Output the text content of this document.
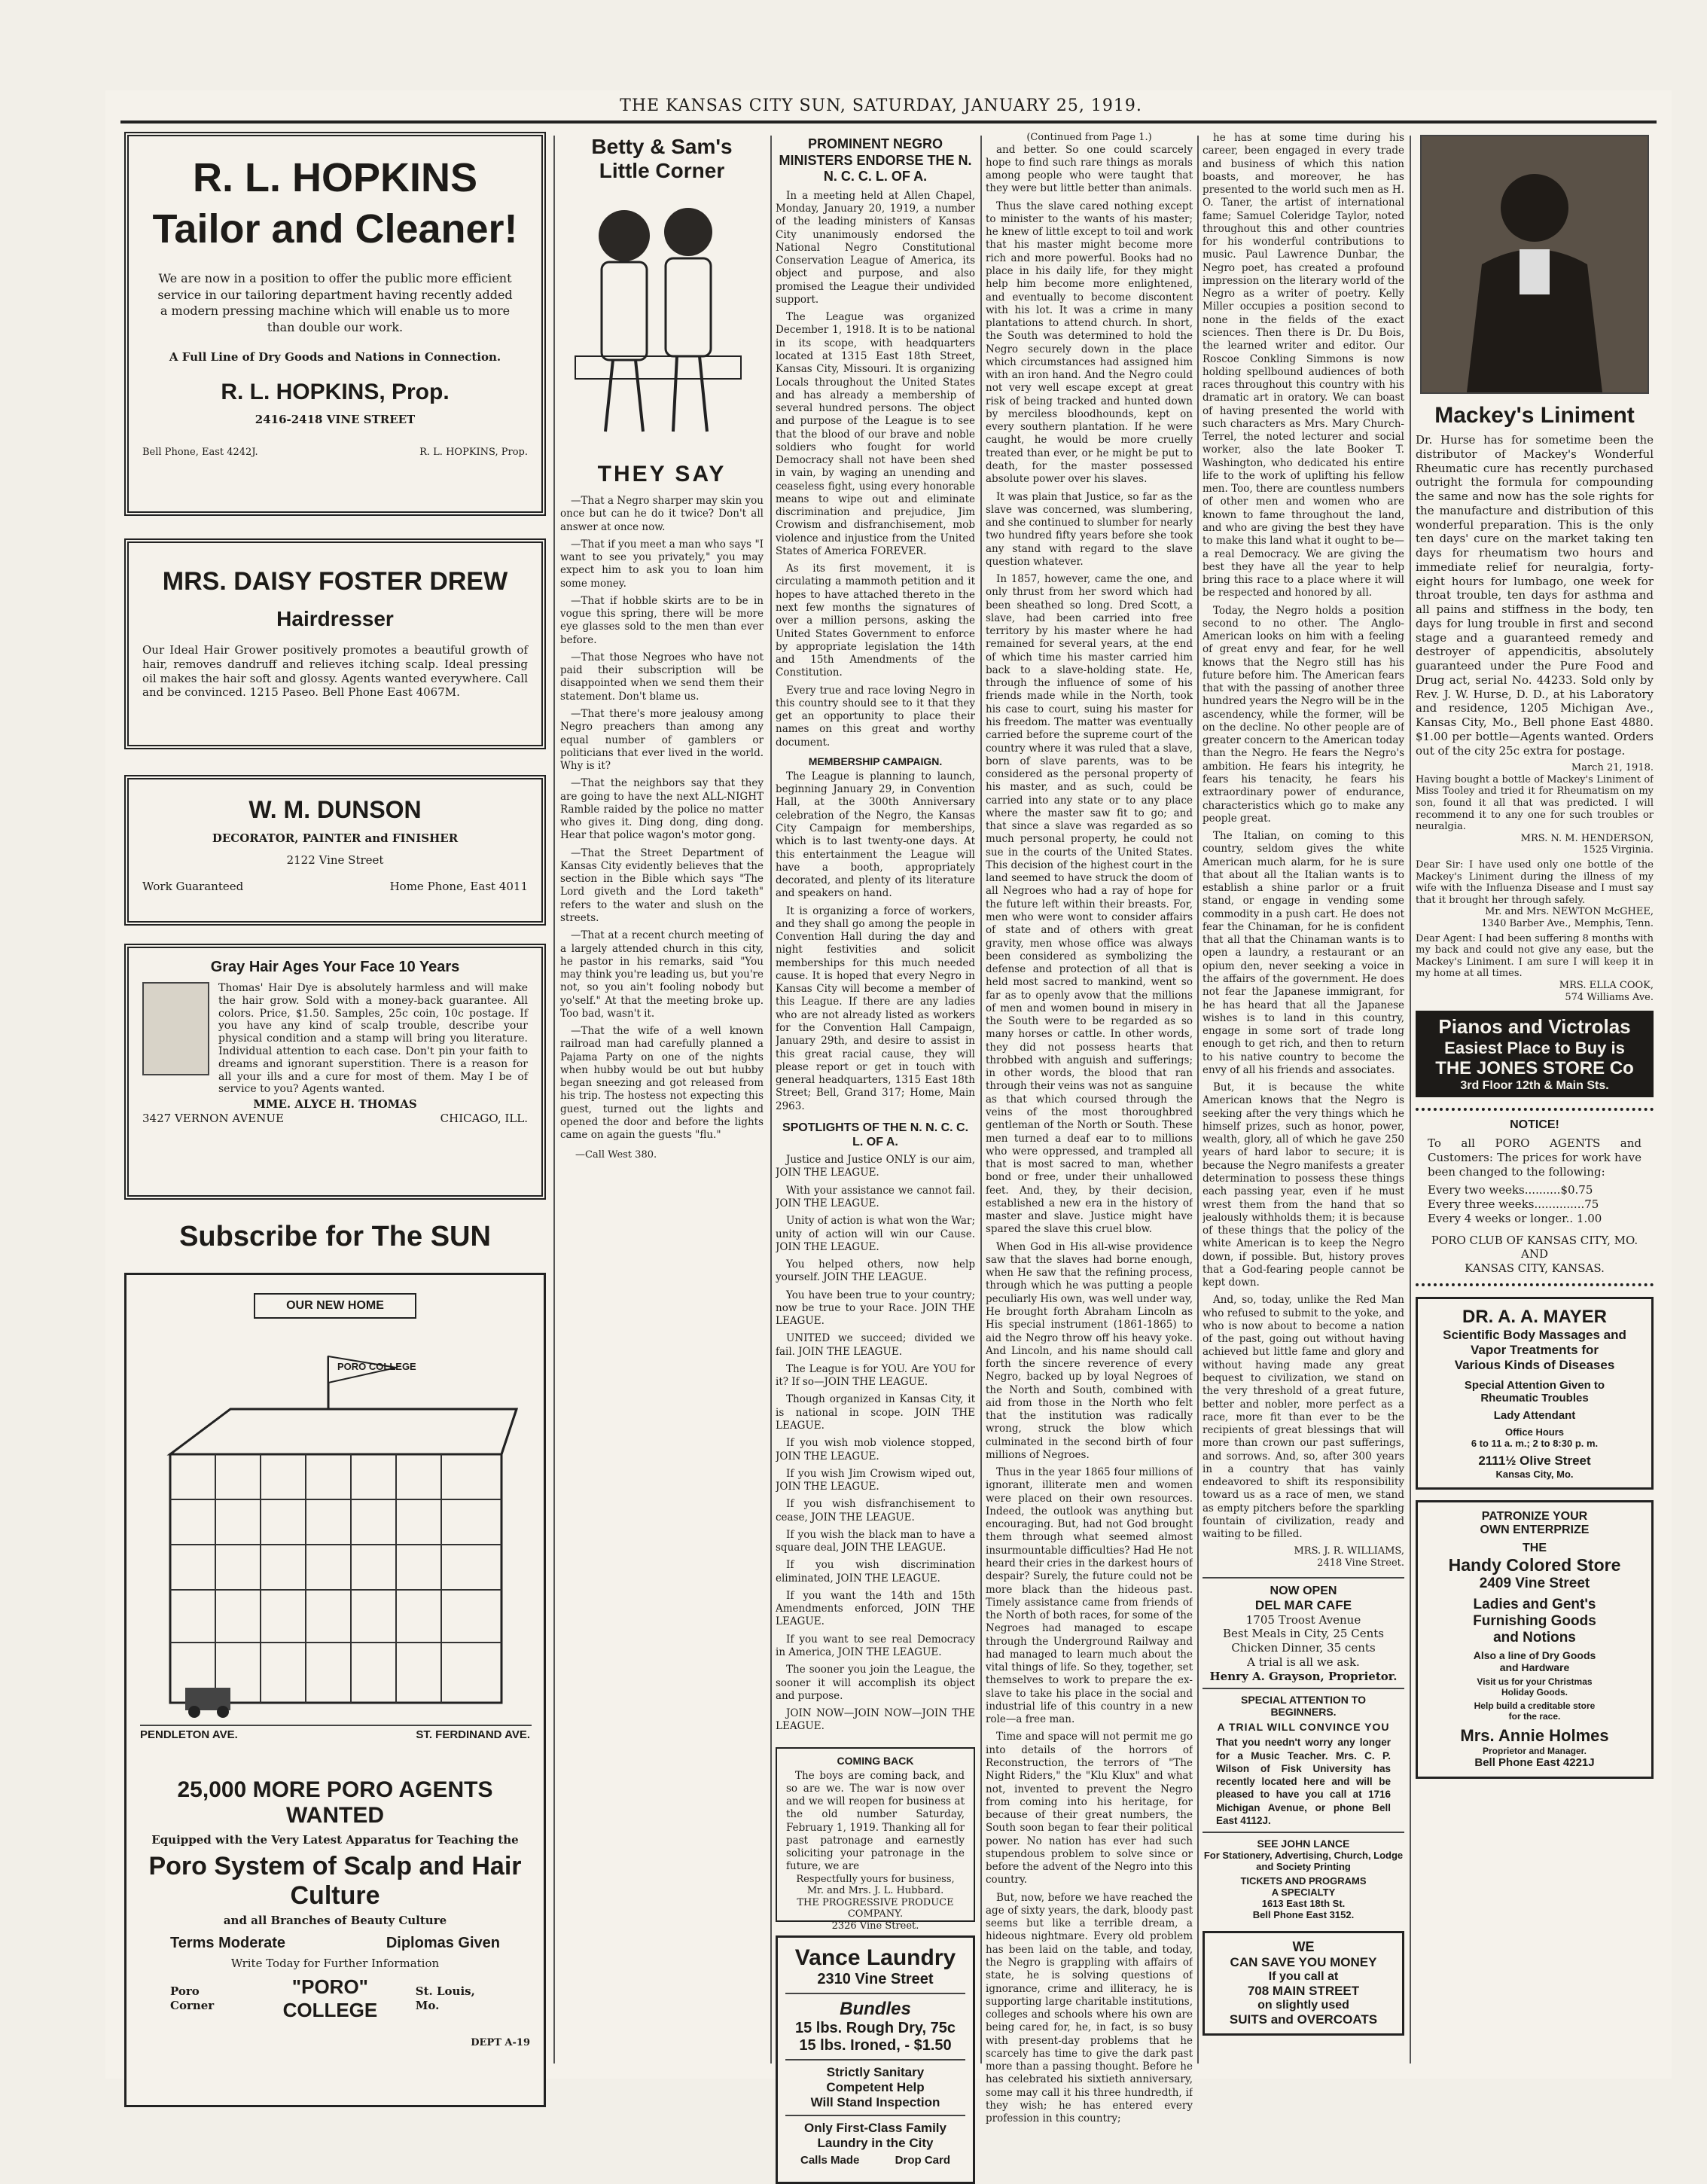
THE KANSAS CITY SUN, SATURDAY, JANUARY 25, 1919.
R. L. HOPKINS
Tailor and Cleaner!
We are now in a position to offer the public more efficient service in our tailoring department having recently added a modern pressing machine which will enable us to more than double our work.
A Full Line of Dry Goods and Nations in Connection.
R. L. HOPKINS, Prop.
2416-2418 VINE STREET
Bell Phone, East 4242J.	R. L. HOPKINS, Prop.
MRS. DAISY FOSTER DREW
Hairdresser
Our Ideal Hair Grower positively promotes a beautiful growth of hair, removes dandruff and relieves itching scalp. Ideal pressing oil makes the hair soft and glossy. Agents wanted everywhere. Call and be convinced. 1215 Paseo. Bell Phone East 4067M.
W. M. DUNSON
DECORATOR, PAINTER and FINISHER
2122 Vine Street
Work Guaranteed	Home Phone, East 4011
Gray Hair Ages Your Face 10 Years
Thomas' Hair Dye is absolutely harmless and will make the hair grow. Sold with a money-back guarantee. All colors. Price, $1.50. Samples, 25c coin, 10c postage. If you have any kind of scalp trouble, describe your physical condition and a stamp will bring you literature. Individual attention to each case. Don't pin your faith to dreams and ignorant superstition. There is a reason for all your ills and a cure for most of them. May I be of service to you? Agents wanted.
MME. ALYCE H. THOMAS
3427 VERNON AVENUE	CHICAGO, ILL.
Subscribe for The SUN
OUR NEW HOME
PORO COLLEGE
PENDLETON AVE.	ST. FERDINAND AVE.
25,000 MORE PORO AGENTS WANTED
Equipped with the Very Latest Apparatus for Teaching the
Poro System of Scalp and Hair Culture
and all Branches of Beauty Culture
Terms Moderate	Diplomas Given
Write Today for Further Information
Poro Corner
"PORO" COLLEGE
St. Louis, Mo.
DEPT A-19
Betty & Sam's
Little Corner
THEY SAY

—That a Negro sharper may skin you once but can he do it twice? Don't all answer at once now.

—That if you meet a man who says "I want to see you privately," you may expect him to ask you to loan him some money.

—That if hobble skirts are to be in vogue this spring, there will be more eye glasses sold to the men than ever before.

—That those Negroes who have not paid their subscription will be disappointed when we send them their statement. Don't blame us.

—That there's more jealousy among Negro preachers than among any equal number of gamblers or politicians that ever lived in the world. Why is it?

—That the neighbors say that they are going to have the next ALL-NIGHT Ramble raided by the police no matter who gives it. Ding dong, ding dong. Hear that police wagon's motor gong.

—That the Street Department of Kansas City evidently believes that the section in the Bible which says "The Lord giveth and the Lord taketh" refers to the water and slush on the streets.

—That at a recent church meeting of a largely attended church in this city, he pastor in his remarks, said "You may think you're leading us, but you're not, so you ain't fooling nobody but yo'self." At that the meeting broke up. Too bad, wasn't it.

—That the wife of a well known railroad man had carefully planned a Pajama Party on one of the nights when hubby would be out but hubby began sneezing and got released from his trip. The hostess not expecting this guest, turned out the lights and opened the door and before the lights came on again the guests "flu."

—Call West 380.
PROMINENT NEGRO MINISTERS ENDORSE THE N. N. C. C. L. OF A.

In a meeting held at Allen Chapel, Monday, January 20, 1919, a number of the leading ministers of Kansas City unanimously endorsed the National Negro Constitutional Conservation League of America, its object and purpose, and also promised the League their undivided support.

The League was organized December 1, 1918. It is to be national in its scope, with headquarters located at 1315 East 18th Street, Kansas City, Missouri. It is organizing Locals throughout the United States and has already a membership of several hundred persons. The object and purpose of the League is to see that the blood of our brave and noble soldiers who fought for world Democracy shall not have been shed in vain, by waging an unending and ceaseless fight, using every honorable means to wipe out and eliminate discrimination and prejudice, Jim Crowism and disfranchisement, mob violence and injustice from the United States of America FOREVER.

As its first movement, it is circulating a mammoth petition and it hopes to have attached thereto in the next few months the signatures of over a million persons, asking the United States Government to enforce by appropriate legislation the 14th and 15th Amendments of the Constitution.

Every true and race loving Negro in this country should see to it that they get an opportunity to place their names on this great and worthy document.

MEMBERSHIP CAMPAIGN.

The League is planning to launch, beginning January 29, in Convention Hall, at the 300th Anniversary celebration of the Negro, the Kansas City Campaign for memberships, which is to last twenty-one days. At this entertainment the League will have a booth, appropriately decorated, and plenty of its literature and speakers on hand.

It is organizing a force of workers, and they shall go among the people in Convention Hall during the day and night festivities and solicit memberships for this much needed cause. It is hoped that every Negro in Kansas City will become a member of this League. If there are any ladies who are not already listed as workers for the Convention Hall Campaign, January 29th, and desire to assist in this great racial cause, they will please report or get in touch with general headquarters, 1315 East 18th Street; Bell, Grand 317; Home, Main 2963.

SPOTLIGHTS OF THE N. N. C. C. L. OF A.

Justice and Justice ONLY is our aim, JOIN THE LEAGUE.

With your assistance we cannot fail. JOIN THE LEAGUE.

Unity of action is what won the War; unity of action will win our Cause. JOIN THE LEAGUE.

You helped others, now help yourself. JOIN THE LEAGUE.

You have been true to your country; now be true to your Race. JOIN THE LEAGUE.

UNITED we succeed; divided we fail. JOIN THE LEAGUE.

The League is for YOU. Are YOU for it? If so—JOIN THE LEAGUE.

Though organized in Kansas City, it is national in scope. JOIN THE LEAGUE.

If you wish mob violence stopped, JOIN THE LEAGUE.

If you wish Jim Crowism wiped out, JOIN THE LEAGUE.

If you wish disfranchisement to cease, JOIN THE LEAGUE.

If you wish the black man to have a square deal, JOIN THE LEAGUE.

If you wish discrimination eliminated, JOIN THE LEAGUE.

If you want the 14th and 15th Amendments enforced, JOIN THE LEAGUE.

If you want to see real Democracy in America, JOIN THE LEAGUE.

The sooner you join the League, the sooner it will accomplish its object and purpose.

JOIN NOW—JOIN NOW—JOIN THE LEAGUE.

COMING BACK
The boys are coming back, and so are we. The war is now over and we will reopen for business at the old number Saturday, February 1, 1919. Thanking all for past patronage and earnestly soliciting your patronage in the future, we are
Respectfully yours for business,
Mr. and Mrs. J. L. Hubbard.
THE PROGRESSIVE PRODUCE COMPANY.
2326 Vine Street.
Vance Laundry
2310 Vine Street
Bundles
15 lbs. Rough Dry, 75c
15 lbs. Ironed, - $1.50
Strictly Sanitary
Competent Help
Will Stand Inspection
Only First-Class Family
Laundry in the City
Calls Made	Drop Card
(Continued from Page 1.)

and better. So one could scarcely hope to find such rare things as morals among people who were taught that they were but little better than animals.

Thus the slave cared nothing except to minister to the wants of his master; he knew of little except to toil and work that his master might become more rich and more powerful. Books had no place in his daily life, for they might help him become more enlightened, and eventually to become discontent with his lot. It was a crime in many plantations to attend church. In short, the South was determined to hold the Negro securely down in the place which circumstances had assigned him with an iron hand. And the Negro could not very well escape except at great risk of being tracked and hunted down by merciless bloodhounds, kept on every southern plantation. If he were caught, he would be more cruelly treated than ever, or he might be put to death, for the master possessed absolute power over his slaves.

It was plain that Justice, so far as the slave was concerned, was slumbering, and she continued to slumber for nearly two hundred fifty years before she took any stand with regard to the slave question whatever.

In 1857, however, came the one, and only thrust from her sword which had been sheathed so long. Dred Scott, a slave, had been carried into free territory by his master where he had remained for several years, at the end of which time his master carried him back to a slave-holding state. He, through the influence of some of his friends made while in the North, took his case to court, suing his master for his freedom. The matter was eventually carried before the supreme court of the country where it was ruled that a slave, born of slave parents, was to be considered as the personal property of his master, and as such, could be carried into any state or to any place where the master saw fit to go; and that since a slave was regarded as so much personal property, he could not sue in the courts of the United States. This decision of the highest court in the land seemed to have struck the doom of all Negroes who had a ray of hope for the future left within their breasts. For, men who were wont to consider affairs of state and of others with great gravity, men whose office was always been considered as symbolizing the defense and protection of all that is held most sacred to mankind, went so far as to openly avow that the millions of men and women bound in misery in the South were to be regarded as so many horses or cattle. In other words, they did not possess hearts that throbbed with anguish and sufferings; in other words, the blood that ran through their veins was not as sanguine as that which coursed through the veins of the most thoroughbred gentleman of the North or South. These men turned a deaf ear to to millions who were oppressed, and trampled all that is most sacred to man, whether bond or free, under their unhallowed feet. And, they, by their decision, established a new era in the history of master and slave. Justice might have spared the slave this cruel blow.

When God in His all-wise providence saw that the slaves had borne enough, when He saw that the refining process, through which he was putting a people peculiarly His own, was well under way, He brought forth Abraham Lincoln as His special instrument (1861-1865) to aid the Negro throw off his heavy yoke. And Lincoln, and his name should call forth the sincere reverence of every Negro, backed up by loyal Negroes of the North and South, combined with aid from those in the North who felt that the institution was radically wrong, struck the blow which culminated in the second birth of four millions of Negroes.

Thus in the year 1865 four millions of ignorant, illiterate men and women were placed on their own resources. Indeed, the outlook was anything but encouraging. But, had not God brought them through what seemed almost insurmountable difficulties? Had He not heard their cries in the darkest hours of despair? Surely, the future could not be more black than the hideous past. Timely assistance came from friends of the North of both races, for some of the Negroes had managed to escape through the Underground Railway and had managed to learn much about the vital things of life. So they, together, set themselves to work to prepare the ex-slave to take his place in the social and industrial life of this country in a new role—a free man.

Time and space will not permit me go into details of the horrors of Reconstruction, the terrors of "The Night Riders," the "Klu Klux" and what not, invented to prevent the Negro from coming into his heritage, for because of their great numbers, the South soon began to fear their political power. No nation has ever had such stupendous problem to solve since or before the advent of the Negro into this country.

But, now, before we have reached the age of sixty years, the dark, bloody past seems but like a terrible dream, a hideous nightmare. Every old problem has been laid on the table, and today, the Negro is grappling with affairs of state, he is solving questions of ignorance, crime and illiteracy, he is supporting large charitable institutions, colleges and schools where his own are being cared for, he, in fact, is so busy with present-day problems that he scarcely has time to give the dark past more than a passing thought. Before he has celebrated his sixtieth anniversary, some may call it his three hundredth, if they wish; he has entered every profession in this country;

he has at some time during his career, been engaged in every trade and business of which this nation boasts, and moreover, he has presented to the world such men as H. O. Taner, the artist of international fame; Samuel Coleridge Taylor, noted throughout this and other countries for his wonderful contributions to music. Paul Lawrence Dunbar, the Negro poet, has created a profound impression on the literary world of the Negro as a writer of poetry. Kelly Miller occupies a position second to none in the fields of the exact sciences. Then there is Dr. Du Bois, the learned writer and editor. Our Roscoe Conkling Simmons is now holding spellbound audiences of both races throughout this country with his dramatic art in oratory. We can boast of having presented the world with such characters as Mrs. Mary Church-Terrel, the noted lecturer and social worker, also the late Booker T. Washington, who dedicated his entire life to the work of uplifting his fellow men. Too, there are countless numbers of other men and women who are known to fame throughout the land, and who are giving the best they have to make this land what it ought to be—a real Democracy. We are giving the best they have all the year to help bring this race to a place where it will be respected and honored by all.

Today, the Negro holds a position second to no other. The Anglo-American looks on him with a feeling of great envy and fear, for he well knows that the Negro still has his future before him. The American fears that with the passing of another three hundred years the Negro will be in the ascendency, while the former, will be on the decline. No other people are of greater concern to the American today than the Negro. He fears the Negro's ambition. He fears his integrity, he fears his tenacity, he fears his extraordinary power of endurance, characteristics which go to make any people great.

The Italian, on coming to this country, seldom gives the white American much alarm, for he is sure that about all the Italian wants is to establish a shine parlor or a fruit stand, or engage in vending some commodity in a push cart. He does not fear the Chinaman, for he is confident that all that the Chinaman wants is to open a laundry, a restaurant or an opium den, never seeking a voice in the affairs of the government. He does not fear the Japanese immigrant, for he has heard that all the Japanese wishes is to land in this country, engage in some sort of trade long enough to get rich, and then to return to his native country to become the envy of all his friends and associates.

But, it is because the white American knows that the Negro is seeking after the very things which he himself prizes, such as honor, power, wealth, glory, all of which he gave 250 years of hard labor to secure; it is because the Negro manifests a greater determination to possess these things each passing year, even if he must wrest them from the hand that so jealously withholds them; it is because of these things that the policy of the white American is to keep the Negro down, if possible. But, history proves that a God-fearing people cannot be kept down.

And, so, today, unlike the Red Man who refused to submit to the yoke, and who is now about to become a nation of the past, going out without having achieved but little fame and glory and without having made any great bequest to civilization, we stand on the very threshold of a great future, better and nobler, more perfect as a race, more fit than ever to be the recipients of great blessings that will more than crown our past sufferings, and sorrows. And, so, after 300 years in a country that has vainly endeavored to shift its responsibility toward us as a race of men, we stand as empty pitchers before the sparkling fountain of civilization, ready and waiting to be filled.

MRS. J. R. WILLIAMS,
2418 Vine Street.
NOW OPEN
DEL MAR CAFE
1705 Troost Avenue
Best Meals in City, 25 Cents
Chicken Dinner, 35 cents
A trial is all we ask.
Henry A. Grayson, Proprietor.
SPECIAL ATTENTION TO
BEGINNERS.
A TRIAL WILL CONVINCE YOU
That you needn't worry any longer for a Music Teacher. Mrs. C. P. Wilson of Fisk University has recently located here and will be pleased to have you call at 1716 Michigan Avenue, or phone Bell East 4112J.
SEE JOHN LANCE
For Stationery, Advertising, Church, Lodge and Society Printing
TICKETS AND PROGRAMS
A SPECIALTY
1613 East 18th St.
Bell Phone East 3152.
WE
CAN SAVE YOU MONEY
If you call at
708 MAIN STREET
on slightly used
SUITS and OVERCOATS
Mackey's Liniment
Dr. Hurse has for sometime been the distributor of Mackey's Wonderful Rheumatic cure has recently purchased outright the formula for compounding the same and now has the sole rights for the manufacture and distribution of this wonderful preparation. This is the only ten days' cure on the market taking ten days for rheumatism two hours and immediate relief for neuralgia, forty-eight hours for lumbago, one week for throat trouble, ten days for asthma and all pains and stiffness in the body, ten days for lung trouble in first and second stage and a guaranteed remedy and destroyer of appendicitis, absolutely guaranteed under the Pure Food and Drug act, serial No. 44233. Sold only by Rev. J. W. Hurse, D. D., at his Laboratory and residence, 1205 Michigan Ave., Kansas City, Mo., Bell phone East 4880. $1.00 per bottle—Agents wanted. Orders out of the city 25c extra for postage.
March 21, 1918.
Having bought a bottle of Mackey's Liniment of Miss Tooley and tried it for Rheumatism on my son, found it all that was predicted. I will recommend it to any one for such troubles or neuralgia.
MRS. N. M. HENDERSON,
1525 Virginia.
Dear Sir: I have used only one bottle of the Mackey's Liniment during the illness of my wife with the Influenza Disease and I must say that it brought her through safely.
Mr. and Mrs. NEWTON McGHEE,
1340 Barber Ave., Memphis, Tenn.
Dear Agent: I had been suffering 8 months with my back and could not give any ease, but the Mackey's Liniment. I am sure I will keep it in my home at all times.
MRS. ELLA COOK,
574 Williams Ave.
Pianos and Victrolas
Easiest Place to Buy is
THE JONES STORE Co
3rd Floor 12th & Main Sts.
NOTICE!
To all PORO AGENTS and Customers: The prices for work have been changed to the following:
Every two weeks..........$0.75
Every three weeks..............75
Every 4 weeks or longer.. 1.00
PORO CLUB OF KANSAS CITY, MO.
AND
KANSAS CITY, KANSAS.
DR. A. A. MAYER
Scientific Body Massages and
Vapor Treatments for
Various Kinds of Diseases
Special Attention Given to
Rheumatic Troubles
Lady Attendant
Office Hours
6 to 11 a. m.; 2 to 8:30 p. m.
2111½ Olive Street
Kansas City, Mo.
PATRONIZE YOUR
OWN ENTERPRIZE
THE
Handy Colored Store
2409 Vine Street
Ladies and Gent's
Furnishing Goods
and Notions
Also a line of Dry Goods
and Hardware
Visit us for your Christmas
Holiday Goods.
Help build a creditable store
for the race.
Mrs. Annie Holmes
Proprietor and Manager.
Bell Phone East 4221J
